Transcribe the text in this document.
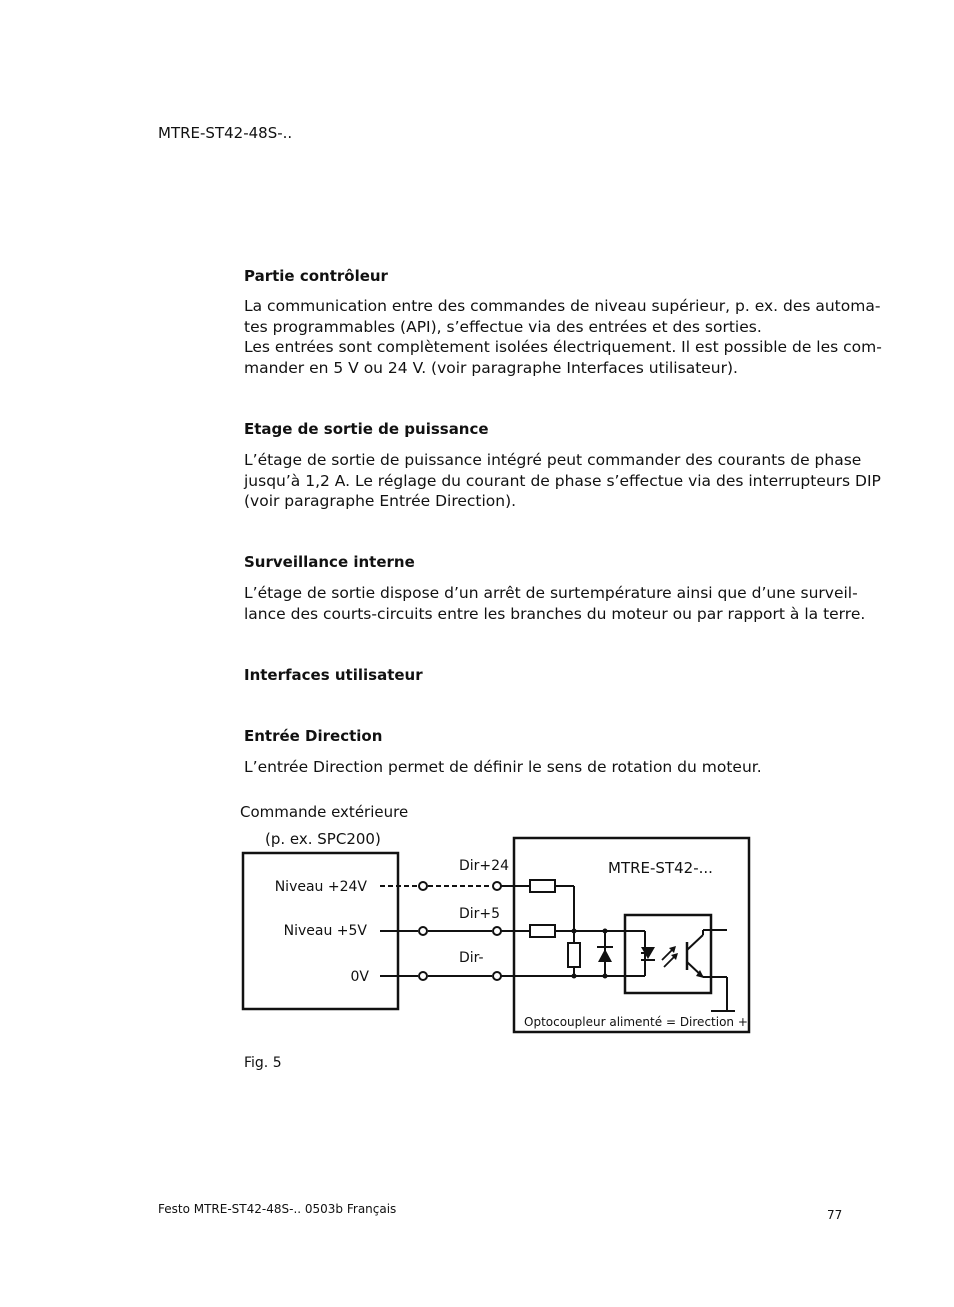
MTRE-ST42-48S-..
Partie contrôleur

La communication entre des commandes de niveau supérieur, p. ex. des automa-

tes programmables (API), s’effectue via des entrées et des sorties.

Les entrées sont complètement isolées électriquement. Il est possible de les com-

mander en 5 V ou 24 V. (voir paragraphe Interfaces utilisateur).

Etage de sortie de puissance

L’étage de sortie de puissance intégré peut commander des courants de phase

jusqu’à 1,2 A. Le réglage du courant de phase s’effectue via des interrupteurs DIP

(voir paragraphe Entrée Direction).

Surveillance interne

L’étage de sortie dispose d’un arrêt de surtempérature ainsi que d’une surveil-

lance des courts-circuits entre les branches du moteur ou par rapport à la terre.

Interfaces utilisateur
Entrée Direction

L’entrée Direction permet de définir le sens de rotation du moteur.

Commande extérieure
(p. ex. SPC200)
Niveau +24V
Niveau +5V
0V
Dir+24
Dir+5
Dir-
MTRE-ST42-...
Optocoupleur alimenté = Direction +
Fig. 5
Festo MTRE-ST42-48S-.. 0503b Français	77
